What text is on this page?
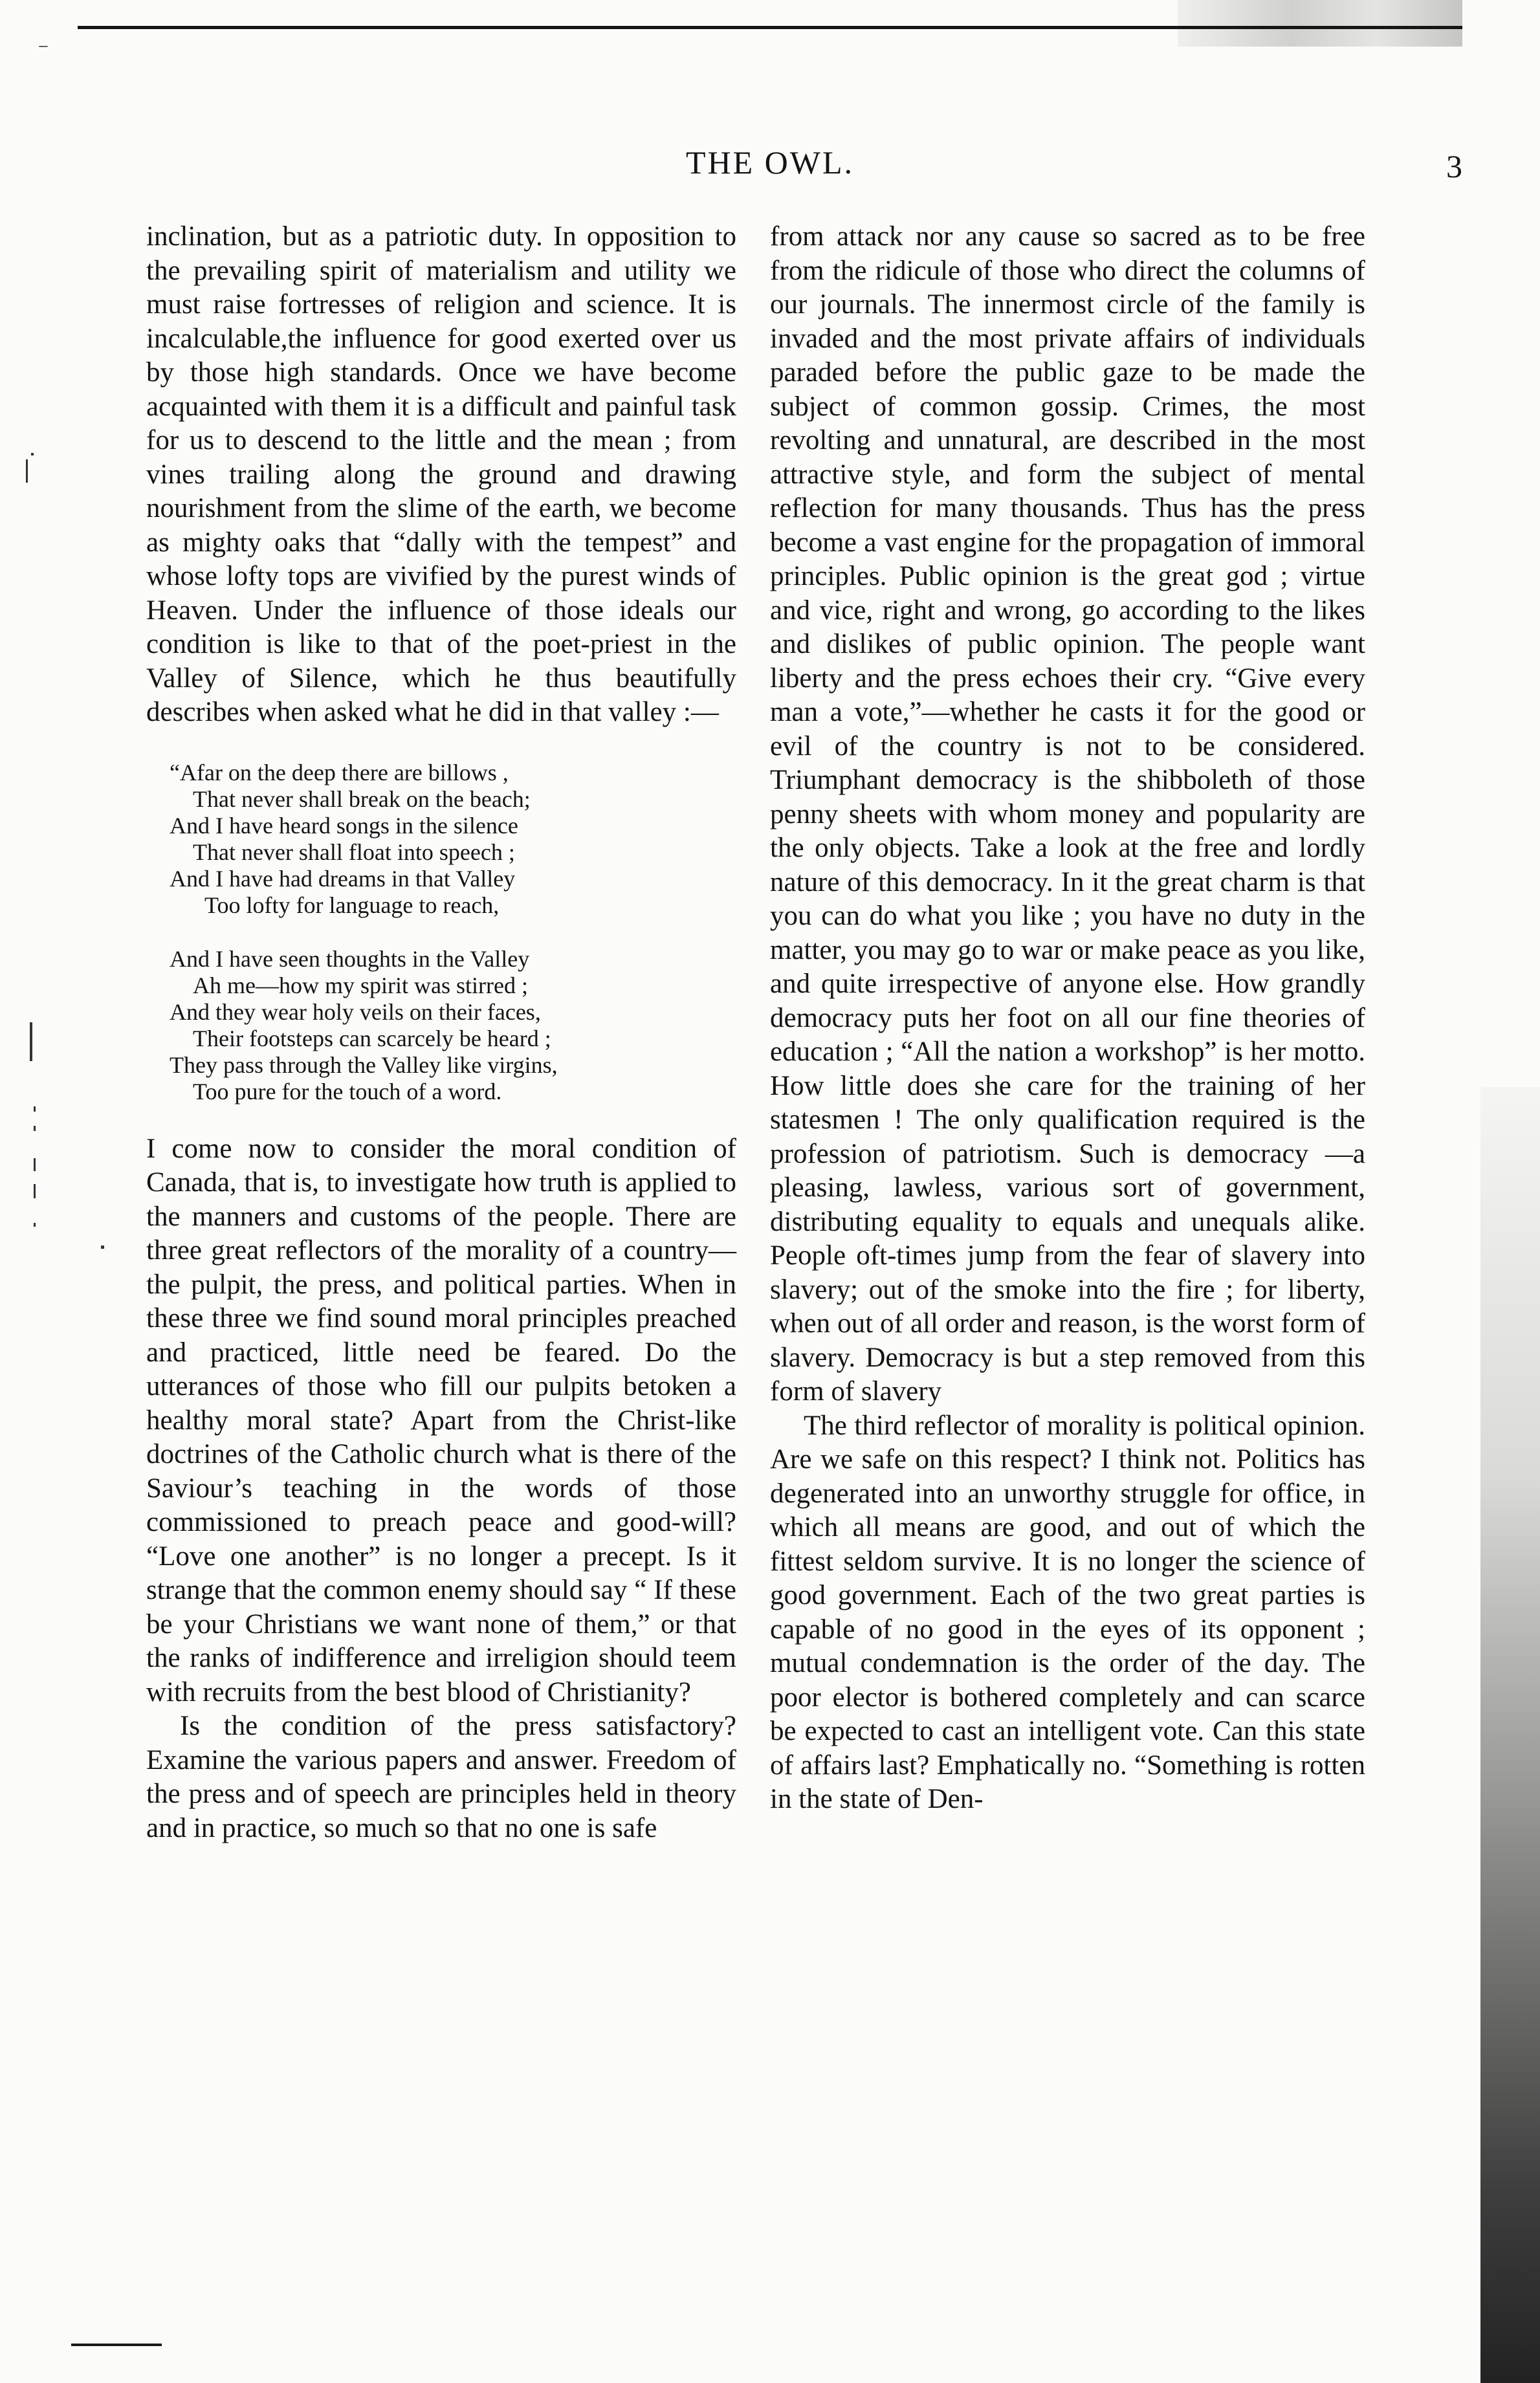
⁻
THE OWL.	3

inclination, but as a patriotic duty. In opposition to the prevailing spirit of materialism and utility we must raise fortresses of religion and science. It is incalculable,the influence for good exerted over us by those high standards. Once we have become acquainted with them it is a difficult and painful task for us to descend to the little and the mean ; from vines trailing along the ground and drawing nourishment from the slime of the earth, we become as mighty oaks that “dally with the tempest” and whose lofty tops are vivified by the purest winds of Heaven. Under the influence of those ideals our condition is like to that of the poet-priest in the Valley of Silence, which he thus beautifully describes when asked what he did in that valley :—

“Afar on the deep there are billows ,
That never shall break on the beach;
And I have heard songs in the silence
That never shall float into speech ;
And I have had dreams in that Valley
Too lofty for language to reach,
And I have seen thoughts in the Valley
Ah me—how my spirit was stirred ;
And they wear holy veils on their faces,
Their footsteps can scarcely be heard ;
They pass through the Valley like virgins,
Too pure for the touch of a word.

I come now to consider the moral condition of Canada, that is, to investigate how truth is applied to the manners and customs of the people. There are three great reflectors of the morality of a country—the pulpit, the press, and political parties. When in these three we find sound moral principles preached and practiced, little need be feared. Do the utterances of those who fill our pulpits betoken a healthy moral state? Apart from the Christ-like doctrines of the Catholic church what is there of the Saviour’s teaching in the words of those commissioned to preach peace and good-will? “Love one another” is no longer a precept. Is it strange that the common enemy should say “ If these be your Christians we want none of them,” or that the ranks of indifference and irreligion should teem with recruits from the best blood of Christianity?

Is the condition of the press satisfactory? Examine the various papers and answer. Freedom of the press and of speech are principles held in theory and in practice, so much so that no one is safe

from attack nor any cause so sacred as to be free from the ridicule of those who direct the columns of our journals. The innermost circle of the family is invaded and the most private affairs of individuals paraded before the public gaze to be made the subject of common gossip. Crimes, the most revolting and unnatural, are described in the most attractive style, and form the subject of mental reflection for many thousands. Thus has the press become a vast engine for the propagation of immoral principles. Public opinion is the great god ; virtue and vice, right and wrong, go according to the likes and dislikes of public opinion. The people want liberty and the press echoes their cry. “Give every man a vote,”—whether he casts it for the good or evil of the country is not to be considered. Triumphant democracy is the shibboleth of those penny sheets with whom money and popularity are the only objects. Take a look at the free and lordly nature of this democracy. In it the great charm is that you can do what you like ; you have no duty in the matter, you may go to war or make peace as you like, and quite irrespective of anyone else. How grandly democracy puts her foot on all our fine theories of education ; “All the nation a workshop” is her motto. How little does she care for the training of her statesmen ! The only qualification required is the profession of patriotism. Such is democracy —a pleasing, lawless, various sort of government, distributing equality to equals and unequals alike. People oft-times jump from the fear of slavery into slavery; out of the smoke into the fire ; for liberty, when out of all order and reason, is the worst form of slavery. Democracy is but a step removed from this form of slavery

The third reflector of morality is political opinion. Are we safe on this respect? I think not. Politics has degenerated into an unworthy struggle for office, in which all means are good, and out of which the fittest seldom survive. It is no longer the science of good government. Each of the two great parties is capable of no good in the eyes of its opponent ; mutual condemnation is the order of the day. The poor elector is bothered completely and can scarce be expected to cast an intelligent vote. Can this state of affairs last? Emphatically no. “Something is rotten in the state of Den-
